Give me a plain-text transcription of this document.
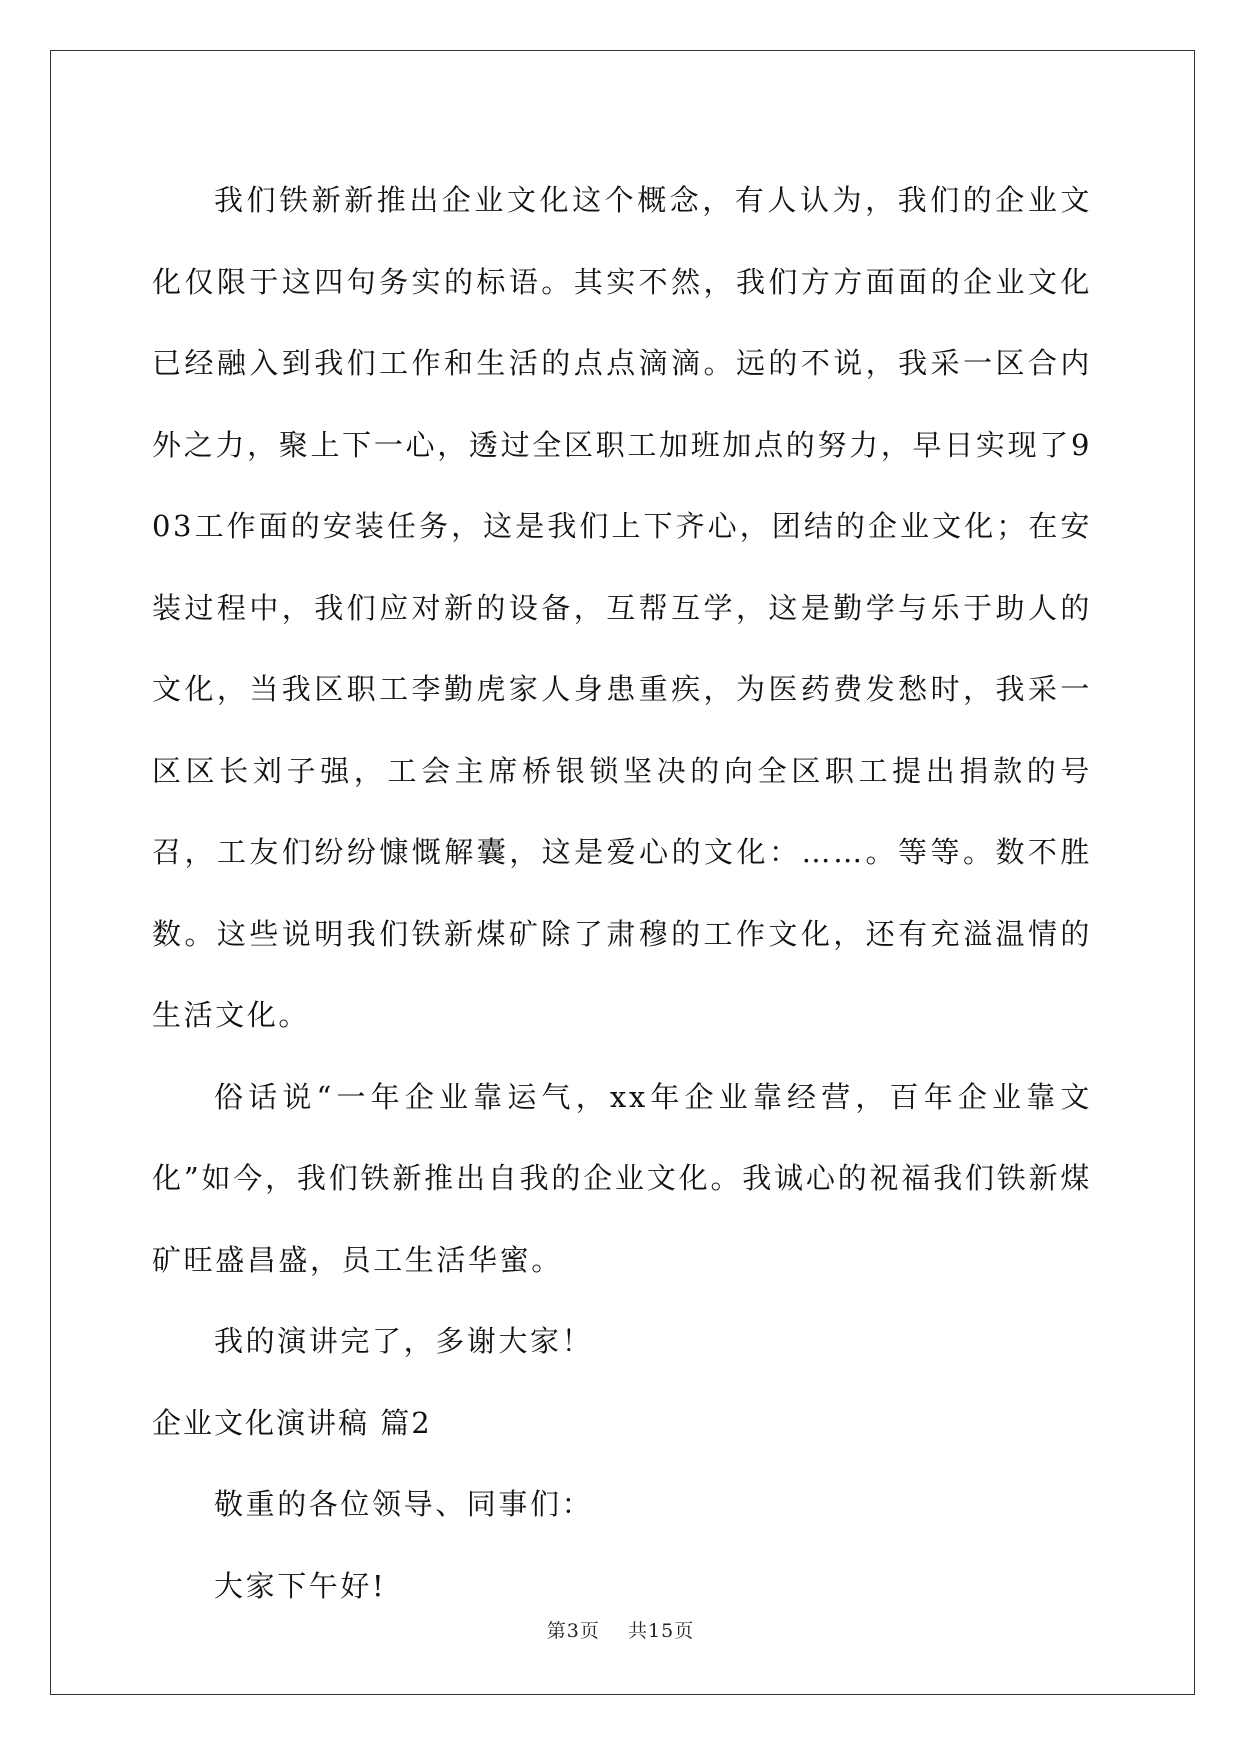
我们铁新新推出企业文化这个概念，有人认为，我们的企业文化仅限于这四句务实的标语。其实不然，我们方方面面的企业文化已经融入到我们工作和生活的点点滴滴。远的不说，我采一区合内外之力，聚上下一心，透过全区职工加班加点的努力，早日实现了903工作面的安装任务，这是我们上下齐心，团结的企业文化；在安装过程中，我们应对新的设备，互帮互学，这是勤学与乐于助人的文化，当我区职工李勤虎家人身患重疾，为医药费发愁时，我采一区区长刘子强，工会主席桥银锁坚决的向全区职工提出捐款的号召，工友们纷纷慷慨解囊，这是爱心的文化：……。等等。数不胜数。这些说明我们铁新煤矿除了肃穆的工作文化，还有充溢温情的生活文化。

俗话说“一年企业靠运气，xx年企业靠经营，百年企业靠文化”如今，我们铁新推出自我的企业文化。我诚心的祝福我们铁新煤矿旺盛昌盛，员工生活华蜜。

我的演讲完了，多谢大家！

企业文化演讲稿 篇2

敬重的各位领导、同事们：

大家下午好!

第3页 共15页
